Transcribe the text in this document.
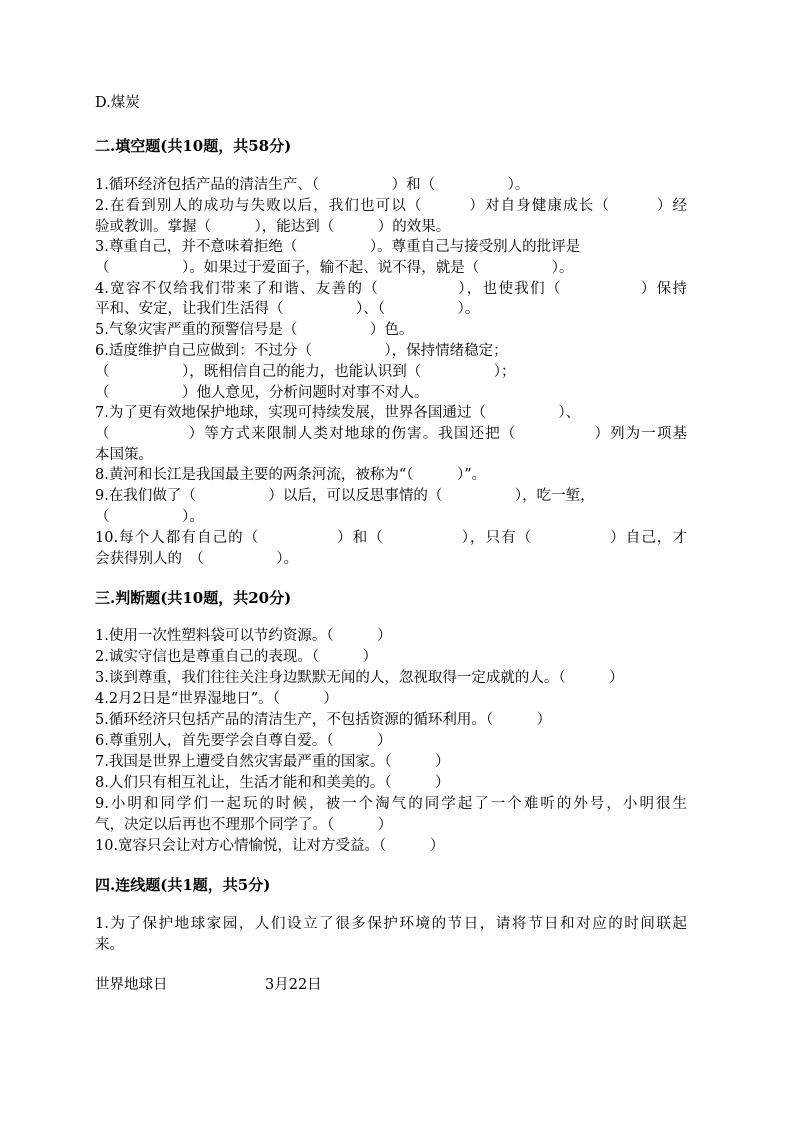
D.煤炭
二.填空题(共10题，共58分)
1.循环经济包括产品的清洁生产、（　　　　　）和（　　　　　）。
2.在看到别人的成功与失败以后，我们也可以（　　　）对自身健康成长（　　　）经
验或教训。掌握（　　　），能达到（　　　）的效果。
3.尊重自己，并不意味着拒绝（　　　　　）。尊重自己与接受别人的批评是
（　　　　　）。如果过于爱面子，输不起、说不得，就是（　　　　　）。
4.宽容不仅给我们带来了和谐、友善的（　　　　　），也使我们（　　　　　）保持
平和、安定，让我们生活得（　　　　　）、（　　　　　）。
5.气象灾害严重的预警信号是（　　　　　）色。
6.适度维护自己应做到：不过分（　　　　　），保持情绪稳定；
（　　　　　），既相信自己的能力，也能认识到（　　　　　）；
（　　　　　）他人意见，分析问题时对事不对人。
7.为了更有效地保护地球，实现可持续发展，世界各国通过（　　　　　）、
（　　　　　）等方式来限制人类对地球的伤害。我国还把（　　　　　）列为一项基
本国策。
8.黄河和长江是我国最主要的两条河流，被称为“（　　　）”。
9.在我们做了（　　　　　）以后，可以反思事情的（　　　　　），吃一堑，
（　　　　　）。
10.每个人都有自己的（　　　　　）和（　　　　　），只有（　　　　　）自己，才
会获得别人的　（　　　　　）。
三.判断题(共10题，共20分)
1.使用一次性塑料袋可以节约资源。（　　　）
2.诚实守信也是尊重自己的表现。（　　　）
3.谈到尊重，我们往往关注身边默默无闻的人，忽视取得一定成就的人。（　　　）
4.2月2日是“世界湿地日”。（　　　）
5.循环经济只包括产品的清洁生产，不包括资源的循环利用。（　　　）
6.尊重别人，首先要学会自尊自爱。（　　　）
7.我国是世界上遭受自然灾害最严重的国家。（　　　）
8.人们只有相互礼让，生活才能和和美美的。（　　　）
9.小明和同学们一起玩的时候，被一个淘气的同学起了一个难听的外号，小明很生
气，决定以后再也不理那个同学了。（　　　）
10.宽容只会让对方心情愉悦，让对方受益。（　　　）
四.连线题(共1题，共5分)
1.为了保护地球家园，人们设立了很多保护环境的节日，请将节日和对应的时间联起
来。
世界地球日	3月22日
